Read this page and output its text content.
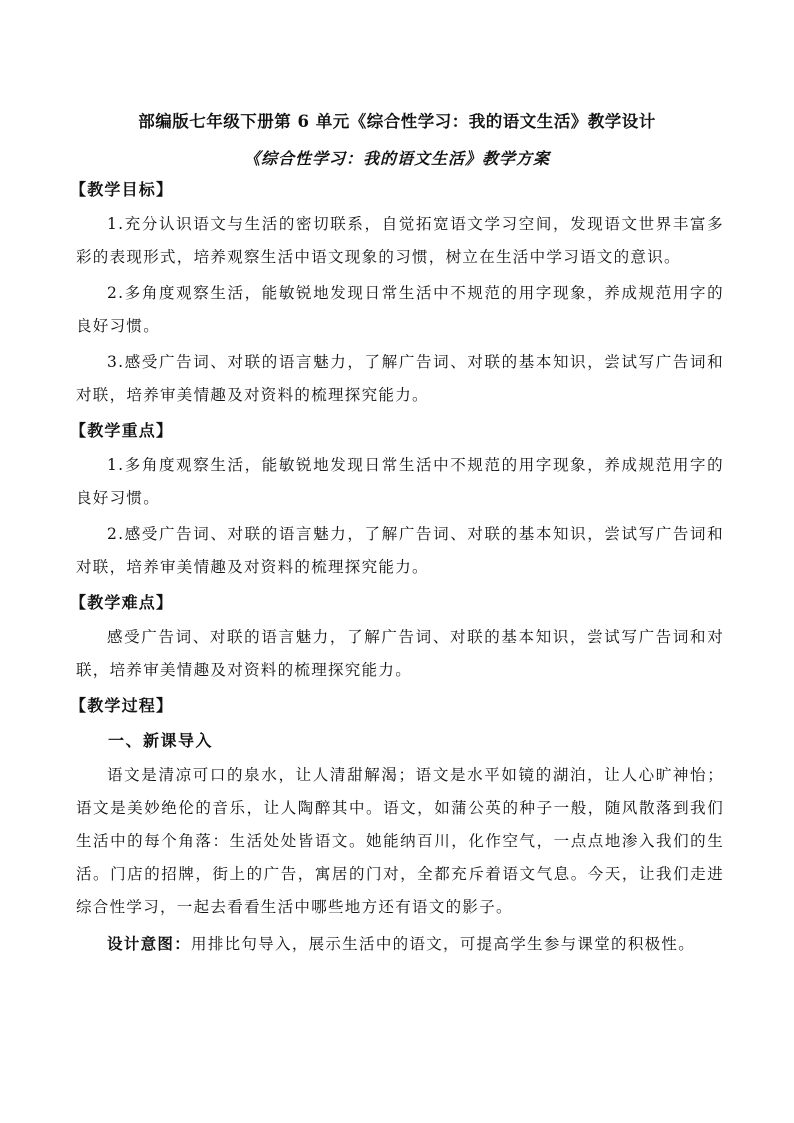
部编版七年级下册第 6 单元《综合性学习：我的语文生活》教学设计
《综合性学习：我的语文生活》教学方案
【教学目标】

1.充分认识语文与生活的密切联系，自觉拓宽语文学习空间，发现语文世界丰富多彩的表现形式，培养观察生活中语文现象的习惯，树立在生活中学习语文的意识。

2.多角度观察生活，能敏锐地发现日常生活中不规范的用字现象，养成规范用字的良好习惯。

3.感受广告词、对联的语言魅力，了解广告词、对联的基本知识，尝试写广告词和对联，培养审美情趣及对资料的梳理探究能力。

【教学重点】

1.多角度观察生活，能敏锐地发现日常生活中不规范的用字现象，养成规范用字的良好习惯。

2.感受广告词、对联的语言魅力，了解广告词、对联的基本知识，尝试写广告词和对联，培养审美情趣及对资料的梳理探究能力。

【教学难点】

感受广告词、对联的语言魅力，了解广告词、对联的基本知识，尝试写广告词和对联，培养审美情趣及对资料的梳理探究能力。

【教学过程】
一、新课导入

语文是清凉可口的泉水，让人清甜解渴；语文是水平如镜的湖泊，让人心旷神怡；语文是美妙绝伦的音乐，让人陶醉其中。语文，如蒲公英的种子一般，随风散落到我们生活中的每个角落：生活处处皆语文。她能纳百川，化作空气，一点点地渗入我们的生活。门店的招牌，街上的广告，寓居的门对，全都充斥着语文气息。今天，让我们走进综合性学习，一起去看看生活中哪些地方还有语文的影子。

设计意图：用排比句导入，展示生活中的语文，可提高学生参与课堂的积极性。
